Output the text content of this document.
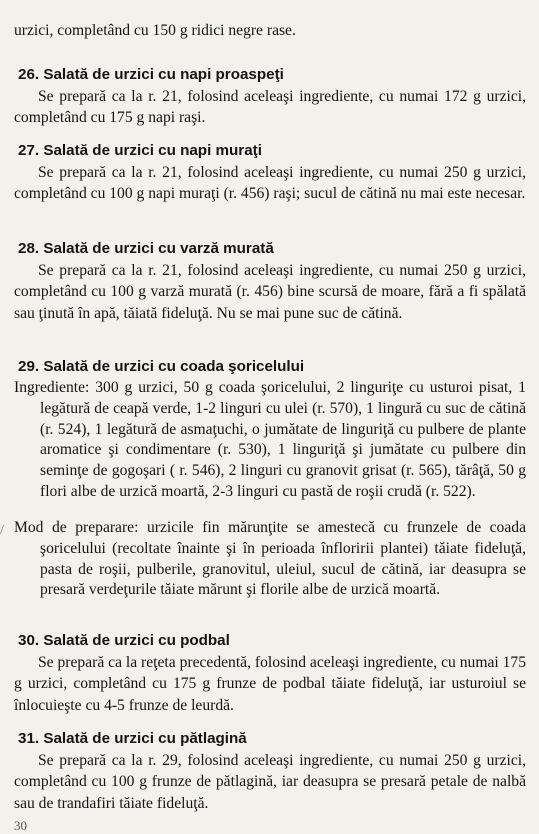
urzici, completând cu 150 g ridici negre rase.

26. Salată de urzici cu napi proaspeţi

Se prepară ca la r. 21, folosind aceleaşi ingrediente, cu numai 172 g urzici, completând cu 175 g napi raşi.

27. Salată de urzici cu napi muraţi

Se prepară ca la r. 21, folosind aceleaşi ingrediente, cu numai 250 g urzici, completând cu 100 g napi muraţi (r. 456) raşi; sucul de cătină nu mai este necesar.

28. Salată de urzici cu varză murată

Se prepară ca la r. 21, folosind aceleaşi ingrediente, cu numai 250 g urzici, completând cu 100 g varză murată (r. 456) bine scursă de moare, fără a fi spălată sau ţinută în apă, tăiată fideluţă. Nu se mai pune suc de cătină.

29. Salată de urzici cu coada şoricelului
Ingrediente: 300 g urzici, 50 g coada şoricelului, 2 linguriţe cu usturoi pisat, 1 legătură de ceapă verde, 1-2 linguri cu ulei (r. 570), 1 lingură cu suc de cătină (r. 524), 1 legătură de asmaţuchi, o jumătate de linguriţă cu pulbere de plante aromatice şi condimentare (r. 530), 1 linguriţă şi jumătate cu pulbere din seminţe de gogoşari ( r. 546), 2 linguri cu granovit grisat (r. 565), tărâţă, 50 g flori albe de urzică moartă, 2-3 linguri cu pastă de roşii crudă (r. 522).
Mod de preparare: urzicile fin mărunţite se amestecă cu frunzele de coada şoricelului (recoltate înainte şi în perioada înfloririi plantei) tăiate fideluţă, pasta de roşii, pulberile, granovitul, uleiul, sucul de cătină, iar deasupra se presară verdeţurile tăiate mărunt şi florile albe de urzică moartă.
/
30. Salată de urzici cu podbal

Se prepară ca la reţeta precedentă, folosind aceleaşi ingrediente, cu numai 175 g urzici, completând cu 175 g frunze de podbal tăiate fideluţă, iar usturoiul se înlocuieşte cu 4-5 frunze de leurdă.

31. Salată de urzici cu pătlagină

Se prepară ca la r. 29, folosind aceleaşi ingrediente, cu numai 250 g urzici, completând cu 100 g frunze de pătlagină, iar deasupra se presară petale de nalbă sau de trandafiri tăiate fideluţă.

30
